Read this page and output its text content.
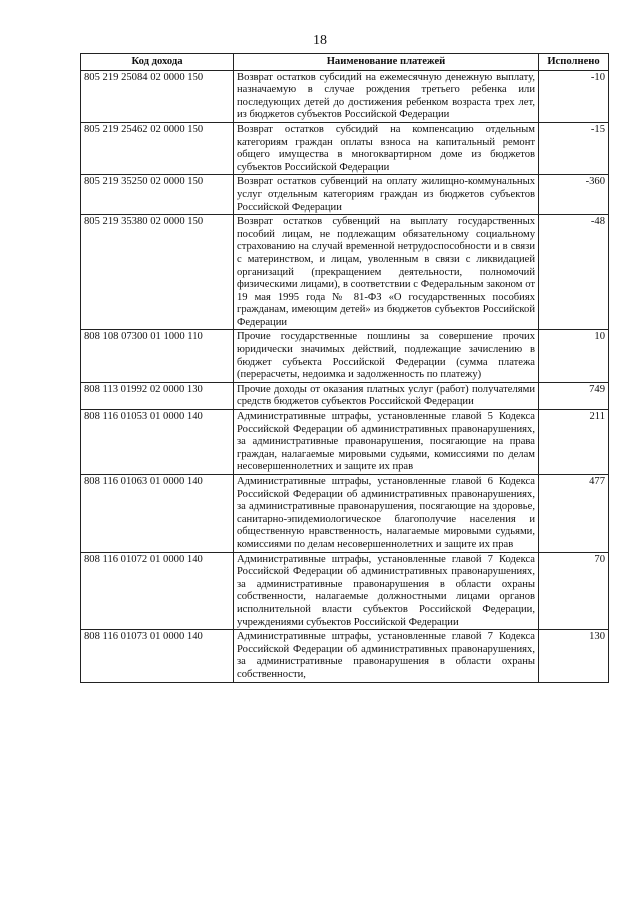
18
Код дохода	Наименование платежей	Исполнено
805 219 25084 02 0000 150	Возврат остатков субсидий на ежемесячную денежную выплату, назначаемую в случае рождения третьего ребенка или последующих детей до достижения ребенком возраста трех лет, из бюджетов субъектов Российской Федерации	-10
805 219 25462 02 0000 150	Возврат остатков субсидий на компенсацию отдельным категориям граждан оплаты взноса на капитальный ремонт общего имущества в многоквартирном доме из бюджетов субъектов Российской Федерации	-15
805 219 35250 02 0000 150	Возврат остатков субвенций на оплату жилищно-коммунальных услуг отдельным категориям граждан из бюджетов субъектов Российской Федерации	-360
805 219 35380 02 0000 150	Возврат остатков субвенций на выплату государственных пособий лицам, не подлежащим обязательному социальному страхованию на случай временной нетрудоспособности и в связи с материнством, и лицам, уволенным в связи с ликвидацией организаций (прекращением деятельности, полномочий физическими лицами), в соответствии с Федеральным законом от 19 мая 1995 года № 81-ФЗ «О государственных пособиях гражданам, имеющим детей» из бюджетов субъектов Российской Федерации	-48
808 108 07300 01 1000 110	Прочие государственные пошлины за совершение прочих юридически значимых действий, подлежащие зачислению в бюджет субъекта Российской Федерации (сумма платежа (перерасчеты, недоимка и задолженность по платежу)	10
808 113 01992 02 0000 130	Прочие доходы от оказания платных услуг (работ) получателями средств бюджетов субъектов Российской Федерации	749
808 116 01053 01 0000 140	Административные штрафы, установленные главой 5 Кодекса Российской Федерации об административных правонарушениях, за административные правонарушения, посягающие на права граждан, налагаемые мировыми судьями, комиссиями по делам несовершеннолетних и защите их прав	211
808 116 01063 01 0000 140	Административные штрафы, установленные главой 6 Кодекса Российской Федерации об административных правонарушениях, за административные правонарушения, посягающие на здоровье, санитарно-эпидемиологическое благополучие населения и общественную нравственность, налагаемые мировыми судьями, комиссиями по делам несовершеннолетних и защите их прав	477
808 116 01072 01 0000 140	Административные штрафы, установленные главой 7 Кодекса Российской Федерации об административных правонарушениях, за административные правонарушения в области охраны собственности, налагаемые должностными лицами органов исполнительной власти субъектов Российской Федерации, учреждениями субъектов Российской Федерации	70
808 116 01073 01 0000 140	Административные штрафы, установленные главой 7 Кодекса Российской Федерации об административных правонарушениях, за административные правонарушения в области охраны собственности,	130
